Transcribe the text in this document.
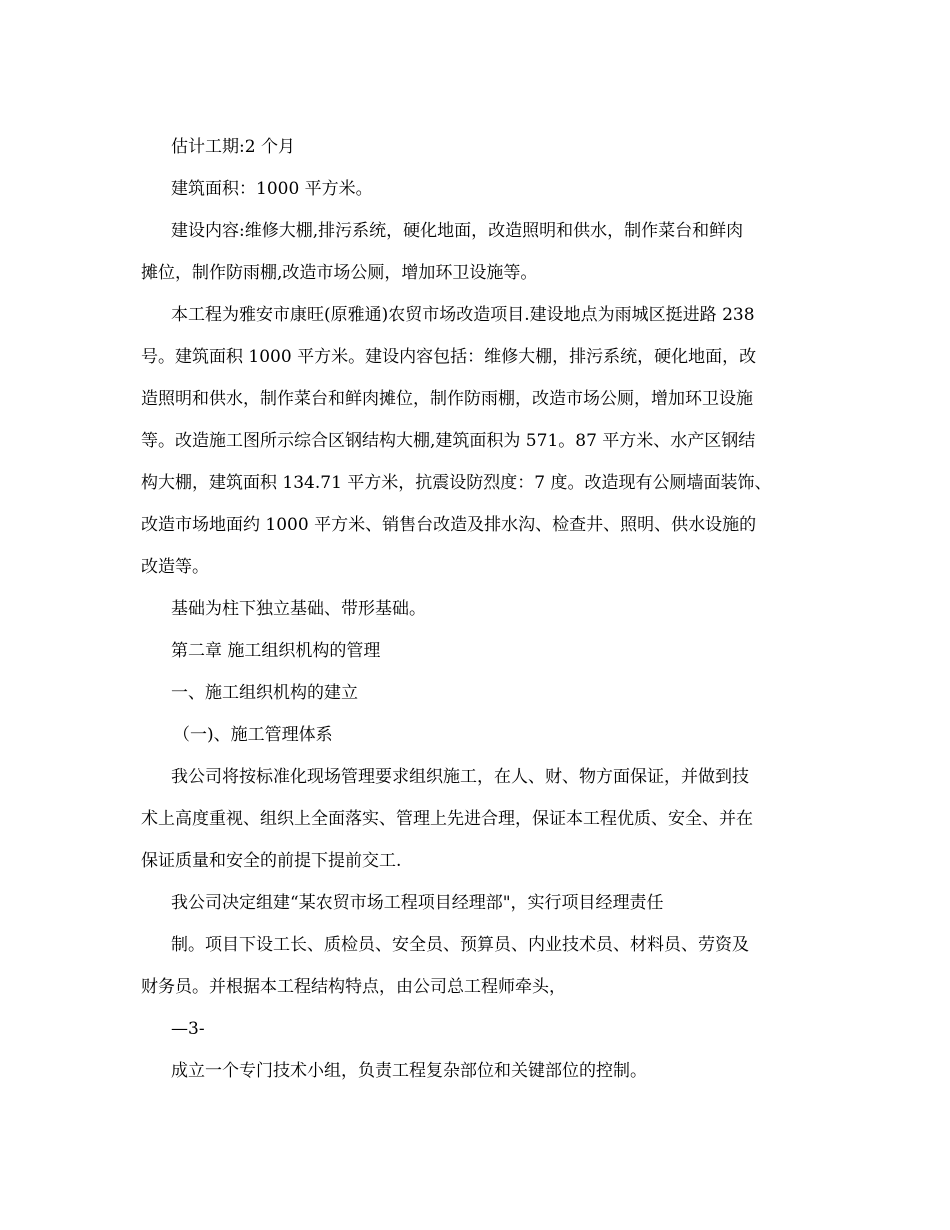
估计工期:2 个月
建筑面积：1000 平方米。
建设内容:维修大棚,排污系统，硬化地面，改造照明和供水，制作菜台和鲜肉
摊位，制作防雨棚,改造市场公厕，增加环卫设施等。
本工程为雅安市康旺(原雅通)农贸市场改造项目.建设地点为雨城区挺进路 238
号。建筑面积 1000 平方米。建设内容包括：维修大棚，排污系统，硬化地面，改
造照明和供水，制作菜台和鲜肉摊位，制作防雨棚，改造市场公厕，增加环卫设施
等。改造施工图所示综合区钢结构大棚,建筑面积为 571。87 平方米、水产区钢结
构大棚，建筑面积 134.71 平方米，抗震设防烈度：7 度。改造现有公厕墙面装饰、
改造市场地面约 1000 平方米、销售台改造及排水沟、检查井、照明、供水设施的
改造等。
基础为柱下独立基础、带形基础。
第二章 施工组织机构的管理
一、施工组织机构的建立
（一)、施工管理体系
我公司将按标准化现场管理要求组织施工，在人、财、物方面保证，并做到技
术上高度重视、组织上全面落实、管理上先进合理，保证本工程优质、安全、并在
保证质量和安全的前提下提前交工.
我公司决定组建“某农贸市场工程项目经理部"，实行项目经理责任
制。项目下设工长、质检员、安全员、预算员、内业技术员、材料员、劳资及
财务员。并根据本工程结构特点，由公司总工程师牵头，
—3-
成立一个专门技术小组，负责工程复杂部位和关键部位的控制。
